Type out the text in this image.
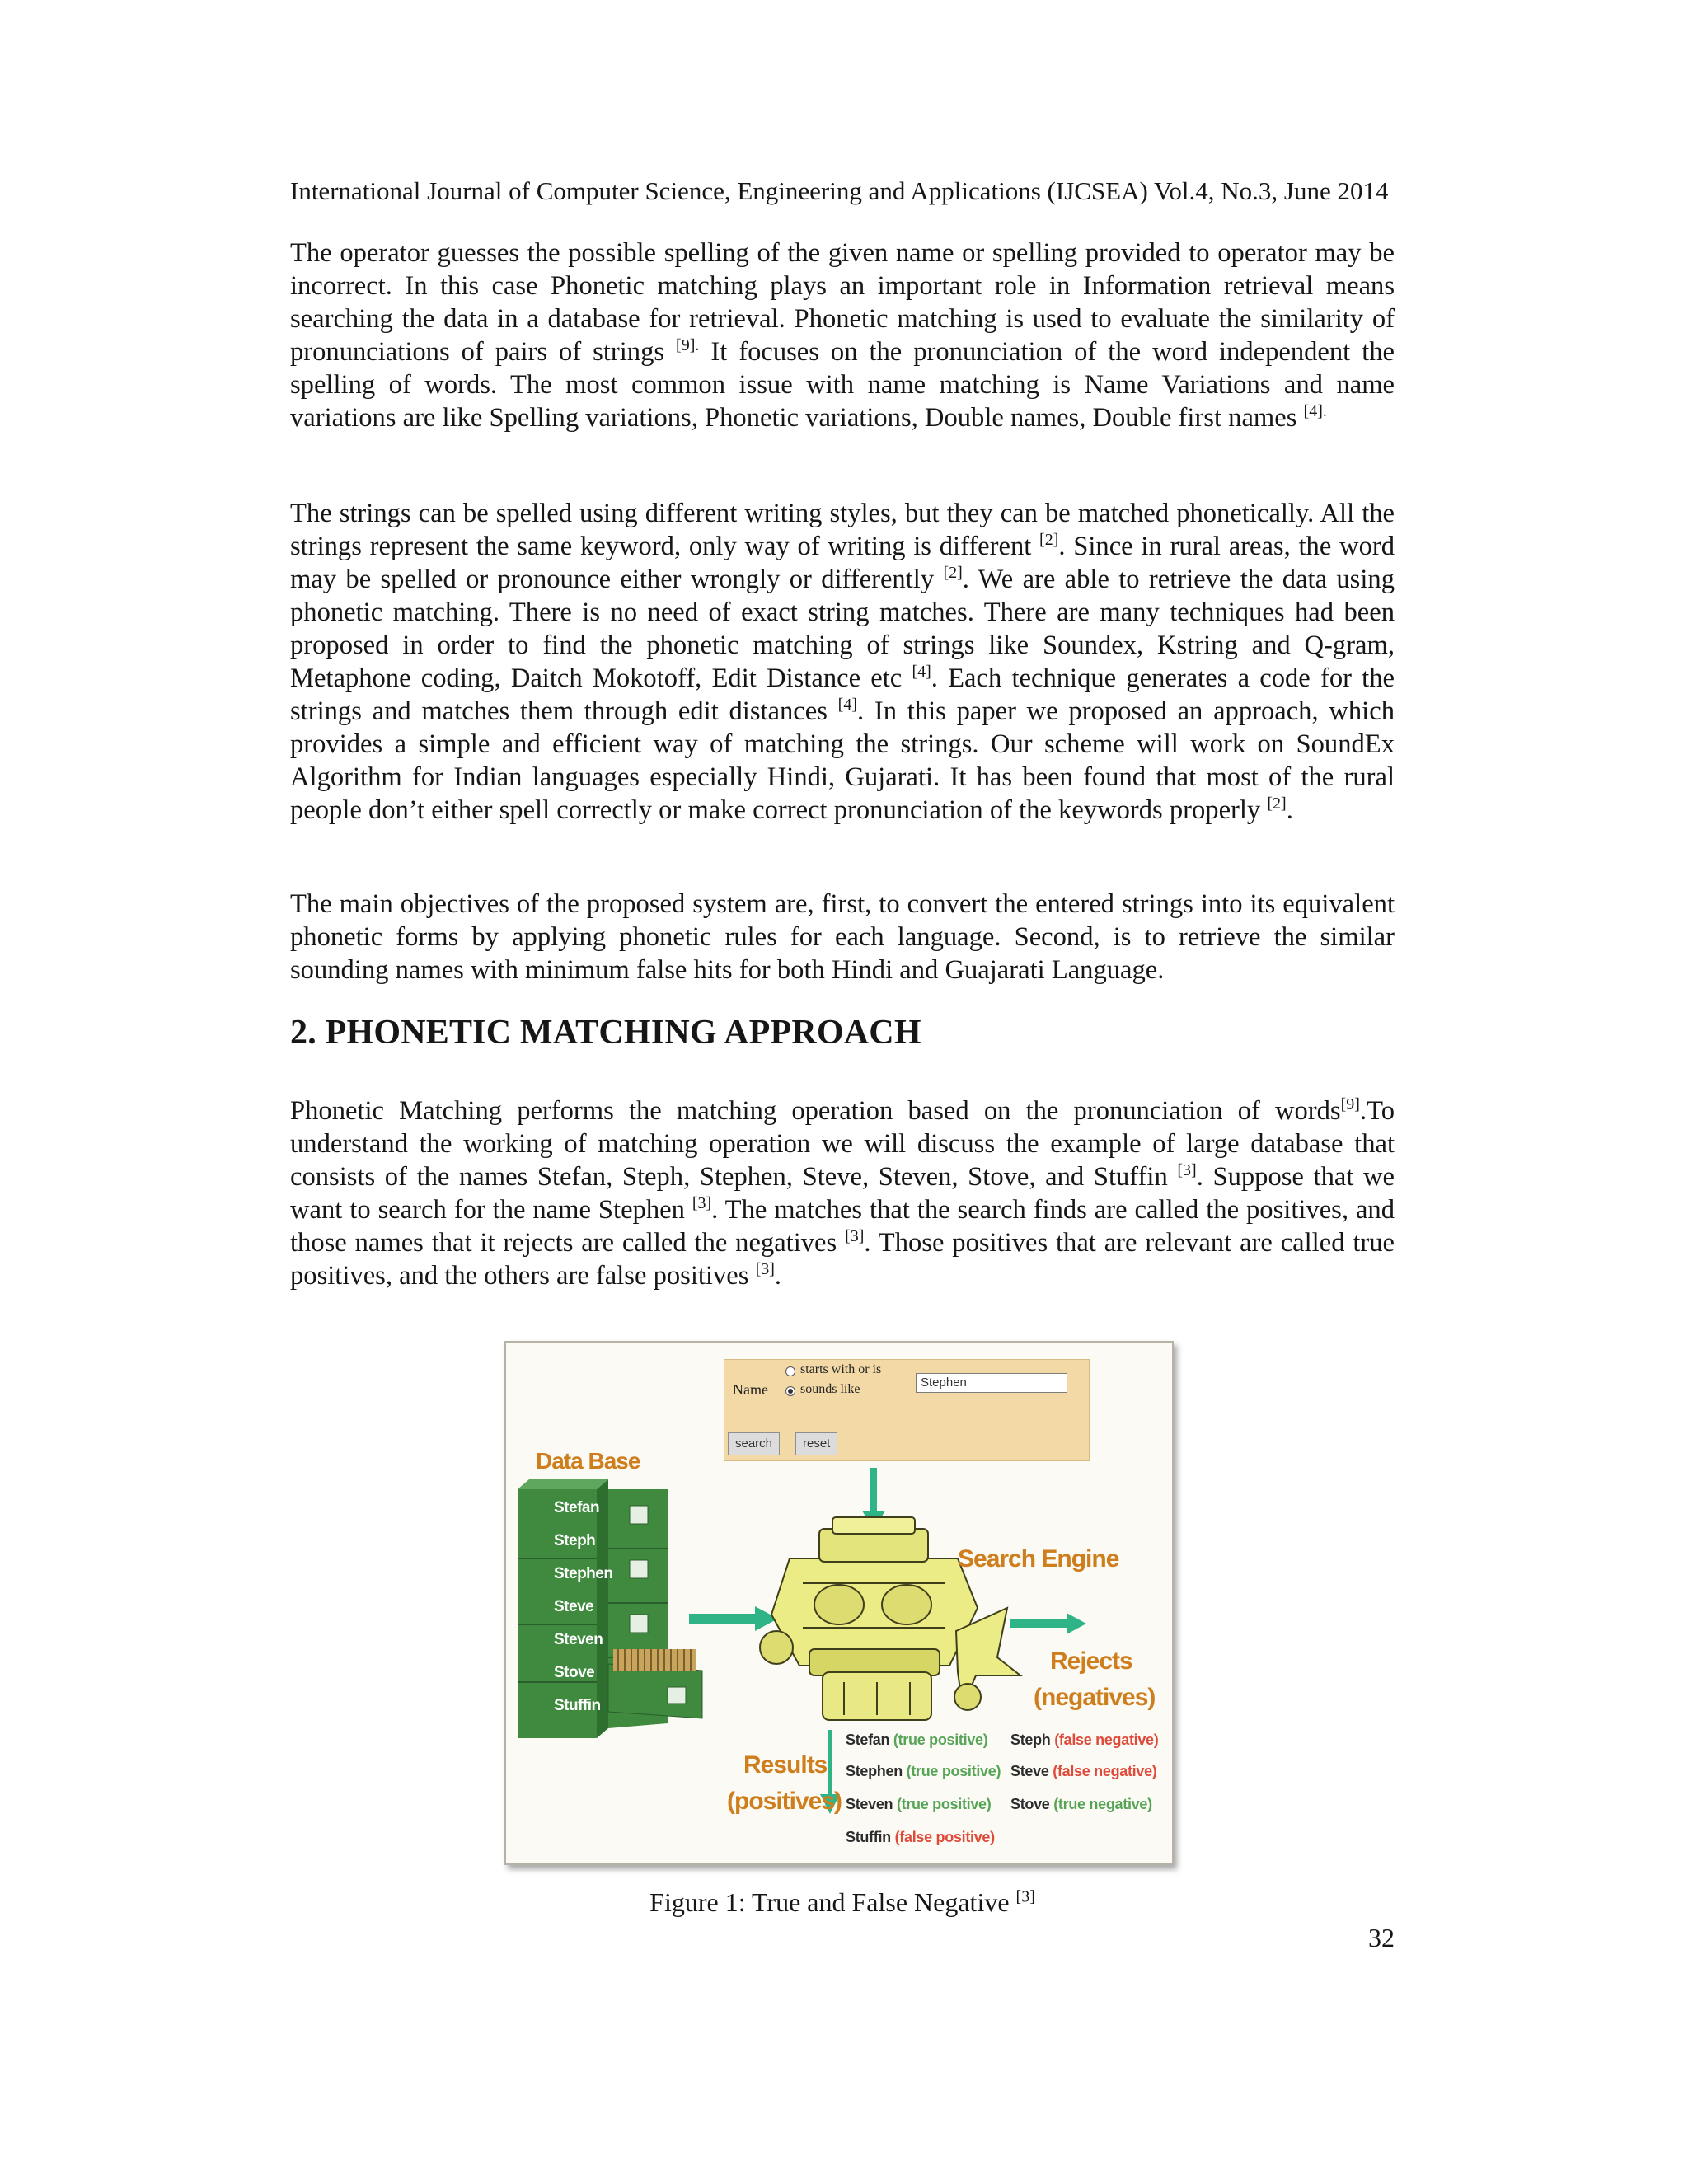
International Journal of Computer Science, Engineering and Applications (IJCSEA) Vol.4, No.3, June 2014

The operator guesses the possible spelling of the given name or spelling provided to operator may be incorrect. In this case Phonetic matching plays an important role in Information retrieval means searching the data in a database for retrieval. Phonetic matching is used to evaluate the similarity of pronunciations of pairs of strings $^{[9].}$ It focuses on the pronunciation of the word independent the spelling of words. The most common issue with name matching is Name Variations and name variations are like Spelling variations, Phonetic variations, Double names, Double first names $^{[4].}$

The strings can be spelled using different writing styles, but they can be matched phonetically. All the strings represent the same keyword, only way of writing is different [2]. Since in rural areas, the word may be spelled or pronounce either wrongly or differently [2]. We are able to retrieve the data using phonetic matching. There is no need of exact string matches. There are many techniques had been proposed in order to find the phonetic matching of strings like Soundex, Kstring and Q-gram, Metaphone coding, Daitch Mokotoff, Edit Distance etc [4]. Each technique generates a code for the strings and matches them through edit distances [4]. In this paper we proposed an approach, which provides a simple and efficient way of matching the strings. Our scheme will work on SoundEx Algorithm for Indian languages especially Hindi, Gujarati. It has been found that most of the rural people don’t either spell correctly or make correct pronunciation of the keywords properly [2].

The main objectives of the proposed system are, first, to convert the entered strings into its equivalent phonetic forms by applying phonetic rules for each language. Second, is to retrieve the similar sounding names with minimum false hits for both Hindi and Guajarati Language.

2. PHONETIC MATCHING APPROACH

Phonetic Matching performs the matching operation based on the pronunciation of words[9].To understand the working of matching operation we will discuss the example of large database that consists of the names Stefan, Steph, Stephen, Steve, Steven, Stove, and Stuffin [3]. Suppose that we want to search for the name Stephen [3]. The matches that the search finds are called the positives, and those names that it rejects are called the negatives [3]. Those positives that are relevant are called true positives, and the others are false positives [3].

Name
starts with or is
sounds like	Stephen
search	reset
Data Base
Stefan
Steph
Stephen
Steve
Steven
Stove
Stuffin
Search Engine
Rejects
(negatives)
Results
(positives)
Stefan (true positive)
Stephen (true positive)
Steven (true positive)
Stuffin (false positive)
Steph (false negative)
Steve (false negative)
Stove (true negative)
Figure 1: True and False Negative [3]
32
